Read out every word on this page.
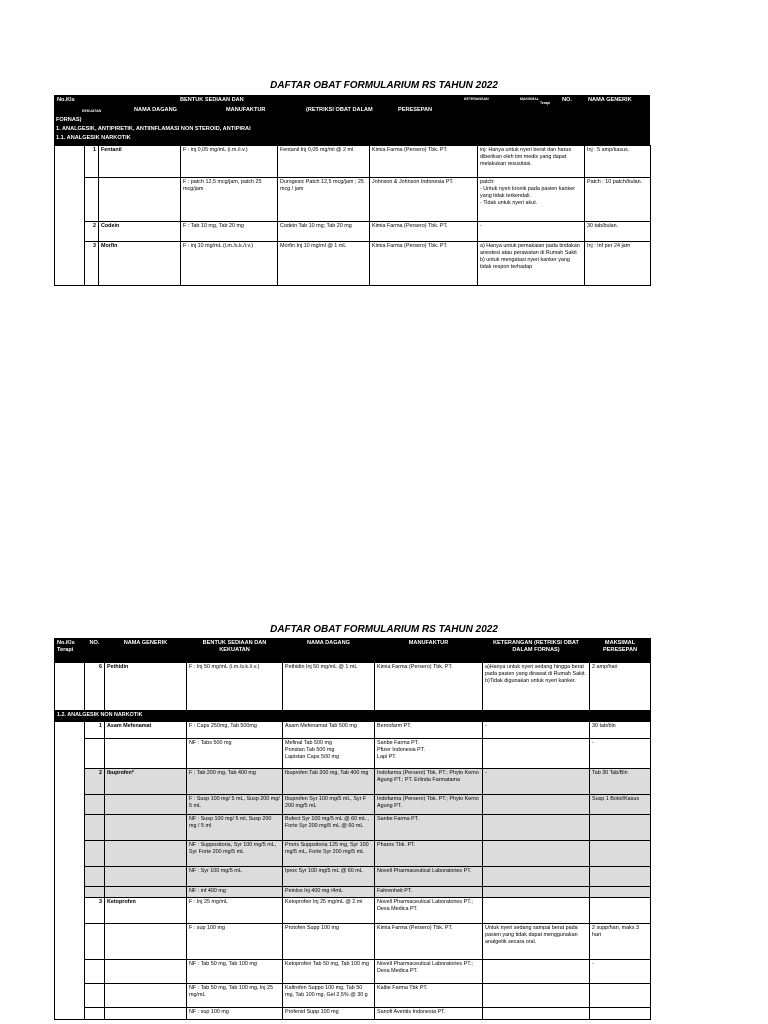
DAFTAR OBAT FORMULARIUM RS TAHUN 2022
No.Kls	BENTUK SEDIAAN DAN
KEKUATAN	NAMA DAGANG	MANUFAKTUR	(RETRIKSI OBAT DALAM	PERESEPAN
KETERANGAN	MAKSIMAL
Terapi NO.	NAMA GENERIK
FORNAS)
1. ANALGESIK, ANTIPIRETIK, ANTIINFLAMASI NON STEROID, ANTIPIRAI
1.1. ANALGESIK NARKOTIK
	1	Fentanil	F : inj 0,05 mg/mL (i.m./i.v.)	Fentanil Inj 0,05 mg/ml @ 2 ml	Kimia Farma (Persero) Tbk. PT.	inj: Hanya untuk nyeri berat dan harus diberikan oleh tim medis yang dapat melakukan resusitasi.	Inj : 5 amp/kasus.
			F : patch 12,5 mcg/jam, patch 25 mcg/jam	Durogesic Patch 12,5 mcg/jam ; 25 mcg / jam	Johnson & Johnson Indonesia PT.	patch:
- Untuk nyeri kronik pada pasien kanker yang tidak terkendali.
- Tidak untuk nyeri akut.	Patch : 10 patch/bulan.
	2	Codein	F : Tab 10 mg, Tab 20 mg	Codein Tab 10 mg; Tab 20 mg	Kimia Farma (Persero) Tbk. PT.	-	30 tab/bulan.
	3	Morfin	F : inj 10 mg/mL (i.m./s.k./i.v.)	Morfin Inj 10 mg/ml @ 1 mL	Kimia Farma (Persero) Tbk. PT.	a) Hanya untuk pemakaian pada tindakan anestesi atau perawatan di Rumah Sakit
b) untuk mengatasi nyeri kanker yang tidak respon terhadap	Inj : Inf per 24 jam
DAFTAR OBAT FORMULARIUM RS TAHUN 2022
No.Kls Terapi	NO.	NAMA GENERIK	BENTUK SEDIAAN DAN KEKUATAN	NAMA DAGANG	MANUFAKTUR	KETERANGAN (RETRIKSI OBAT DALAM FORNAS)	MAKSIMAL PERESEPAN
	6	Pethidin	F : Inj 50 mg/mL (i.m./s.k./i.v.)	Pethidin Inj 50 mg/mL @ 1 mL	Kimia Farma (Persero) Tbk. PT.	a)Hanya untuk nyeri sedang hingga berat pada pasien yang dirawat di Rumah Sakit.
b)Tidak digunakan untuk nyeri kanker.	2 amp/hari
1.2. ANALGESIK NON NARKOTIK							
	1	Asam Mefenamat	F : Caps 250mg, Tab 500mg	Asam Mefenamat Tab 500 mg	Bernofarm PT.	-	30 tab/bln
			NF : Tabs 500 mg	Mefinal Tab 500 mg
Ponstan Tab 500 mg
Lapistan Caps 500 mg	Sanbe Farma PT.
Pfizer Indonesia PT.
Lapi PT.		-
	2	Ibuprofen*	F : Tab 200 mg, Tab 400 mg	Ibuprofen Tab 200 mg, Tab 400 mg	Indofarma (Persero) Tbk. PT.; Phyto Kemo Agung PT.; PT. Erlinda Farmatama	-	Tab 30 Tab/Bln
			F : Susp 100 mg/ 5 mL, Susp 200 mg/ 5 mL	Ibuprofen Syr 100 mg/5 mL, Syr F 200 mg/5 mL	Indofarma (Persero) Tbk. PT.; Phyto Kemo Agung PT.		Susp 1 Botol/Kasus
			NF : Susp 100 mg/ 5 ml, Susp 200 mg / 5 ml	Bufect Syr 100 mg/5 mL @ 60 mL , Forte Syr 200 mg/5 mL @ 60 mL	Sanbe Farma PT.		
			NF : Suppositoria, Syr 100 mg/5 mL, Syr Forte 200 mg/5 mL	Proris Suppsitoria 125 mg, Syr 100 mg/5 mL, Forte Syr 200 mg/5 mL	Pharos Tbk. PT.		
			NF : Syr 100 mg/5 mL	Iprox Syr 100 mg/5 mL @ 60 mL	Novell Pharmaceutical Laboratories PT.		
			NF : inf 400 mg	Peinlos Inj 400 mg /4mL	Fahrenheit PT.		
	3	Ketoprofen	F : Inj 25 mg/mL	Ketoprofen Inj 25 mg/mL @ 2 ml	Novell Pharmaceutical Laboratories PT.; Dexa Medica PT.		

			F : sup 100 mg	Protofen Supp 100 mg	Kimia Farma (Persero) Tbk. PT.	Untuk nyeri sedang sampai berat pada pasien yang tidak dapat menggunakan analgetik secara oral.	2 supp/hari, maks 3 hari
			NF : Tab 50 mg, Tab 100 mg	Ketoprofen Tab 50 mg, Tab 100 mg	Novell Pharmaceutical Laboratories PT.; Dexa Medica PT.		-
			NF : Tab 50 mg, Tab 100 mg, Inj 25 mg/mL	Kaltrofen Suppo 100 mg, Tab 50 mg, Tab 100 mg, Gel 2,5% @ 30 g	Kalbe Farma Tbk PT.		
			NF : sup 100 mg	Profenid Supp 100 mg	Sanofi Aventis Indonesia PT.		
